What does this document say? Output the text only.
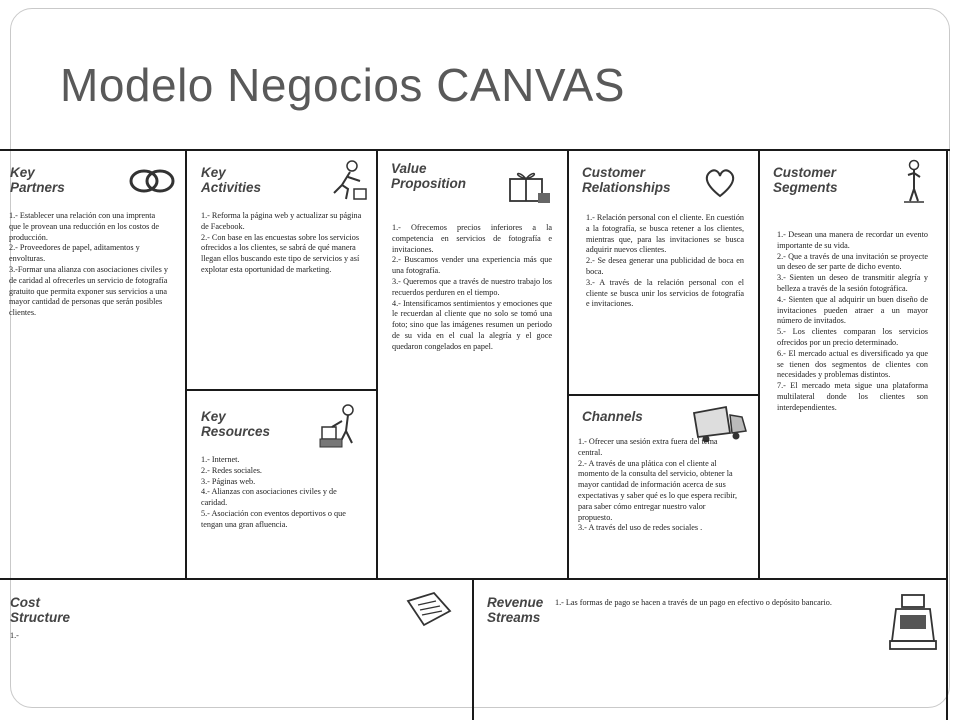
Modelo Negocios CANVAS
Key
Partners

1.- Establecer una relación con una imprenta que le provean una reducción en los costos de producción.

2.- Proveedores de papel, aditamentos y envolturas.

3.-Formar una alianza con asociaciones civiles y de caridad al ofrecerles un servicio de fotografía gratuito que permita exponer sus servicios a una mayor cantidad de personas que serán posibles clientes.

Key
Activities

1.- Reforma la página web y actualizar su página de Facebook.

2.- Con base en las encuestas sobre los servicios ofrecidos a los clientes, se sabrá de qué manera llegan ellos buscando este tipo de servicios y así explotar esta oportunidad de marketing.

Key
Resources

1.- Internet.

2.- Redes sociales.

3.- Páginas web.

4.- Alianzas con asociaciones civiles y de caridad.

5.- Asociación con eventos deportivos o que tengan una gran afluencia.

Value
Proposition

1.- Ofrecemos precios inferiores a la competencia en servicios de fotografía e invitaciones.

2.- Buscamos vender una experiencia más que una fotografía.

3.- Queremos que a través de nuestro trabajo los recuerdos perduren en el tiempo.

4.- Intensificamos sentimientos y emociones que le recuerdan al cliente que no solo se tomó una foto; sino que las imágenes resumen un periodo de su vida en el cual la alegría y el goce quedaron congelados en papel.

Customer
Relationships

1.- Relación personal con el cliente. En cuestión a la fotografía, se busca retener a los clientes, mientras que, para las invitaciones se busca adquirir nuevos clientes.

2.- Se desea generar una publicidad de boca en boca.

3.- A través de la relación personal con el cliente se busca unir los servicios de fotografía e invitaciones.

Channels

1.- Ofrecer una sesión extra fuera del tema central.

2.- A través de una plática con el cliente al momento de la consulta del servicio, obtener la mayor cantidad de información acerca de sus expectativas y saber qué es lo que espera recibir, para saber cómo entregar nuestro valor propuesto.

3.- A través del uso de redes sociales .

Customer
Segments

1.- Desean una manera de recordar un evento importante de su vida.

2.- Que a través de una invitación se proyecte un deseo de ser parte de dicho evento.

3.- Sienten un deseo de transmitir alegría y belleza a través de la sesión fotográfica.

4.- Sienten que al adquirir un buen diseño de invitaciones pueden atraer a un mayor número de invitados.

5.- Los clientes comparan los servicios ofrecidos por un precio determinado.

6.- El mercado actual es diversificado ya que se tienen dos segmentos de clientes con necesidades y problemas distintos.

7.- El mercado meta sigue una plataforma multilateral donde los clientes son interdependientes.

Cost
Structure

1.-

Revenue
Streams

1.- Las formas de pago se hacen a través de un pago en efectivo o depósito bancario.
